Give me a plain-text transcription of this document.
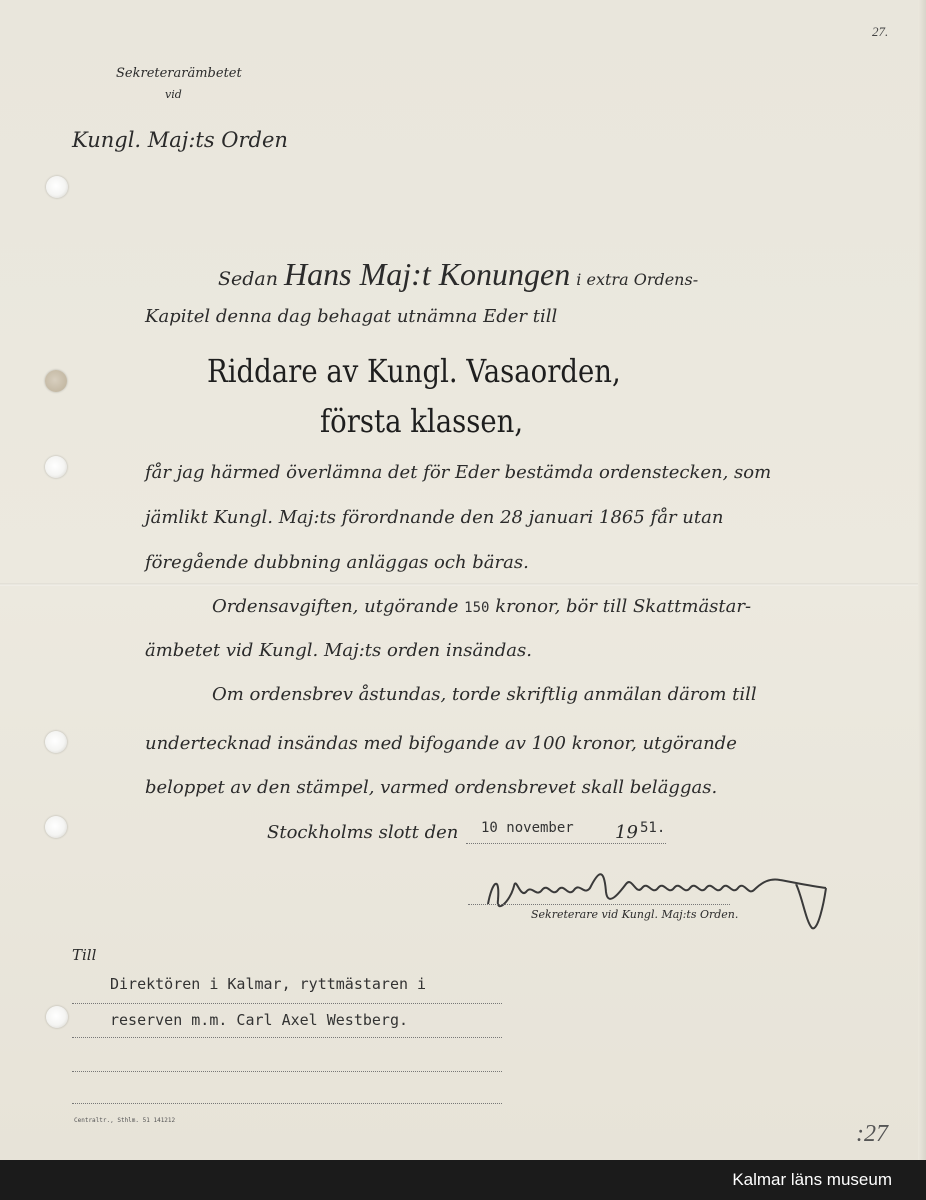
27.
Sekreterarämbetet
vid
Kungl. Maj:ts Orden
Sedan Hans Maj:t Konungen i extra Ordens-
Kapitel denna dag behagat utnämna Eder till
Riddare av Kungl. Vasaorden,
första klassen,
får jag härmed överlämna det för Eder bestämda ordenstecken, som
jämlikt Kungl. Maj:ts förordnande den 28 januari 1865 får utan
föregående dubbning anläggas och bäras.
Ordensavgiften, utgörande 150 kronor, bör till Skattmästar-
ämbetet vid Kungl. Maj:ts orden insändas.
Om ordensbrev åstundas, torde skriftlig anmälan därom till
undertecknad insändas med bifogande av 100 kronor, utgörande
beloppet av den stämpel, varmed ordensbrevet skall beläggas.
Stockholms slott den 10 november 19 51.
Sekreterare vid Kungl. Maj:ts Orden.
Till
Direktören i Kalmar, ryttmästaren i
reserven m.m. Carl Axel Westberg.
Centraltr., Sthlm. 51 141212
:27
Kalmar läns museum
